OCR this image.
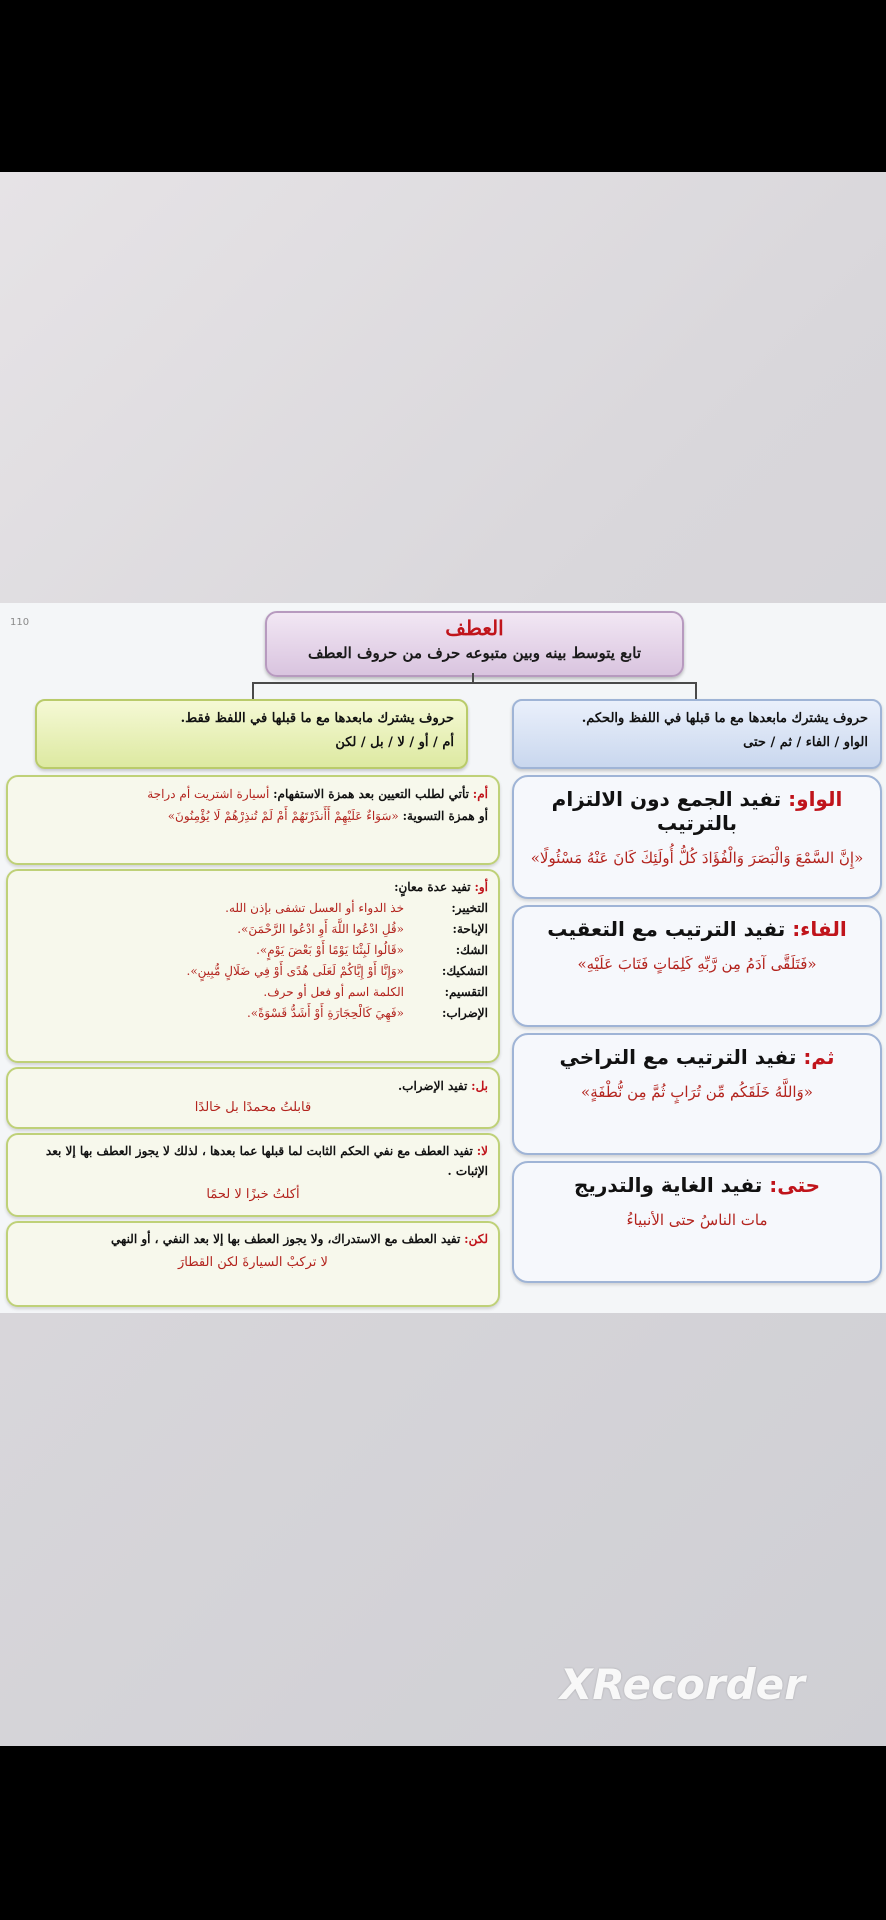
110	العطف
تابع يتوسط بينه وبين متبوعه حرف من حروف العطف
حروف يشترك مابعدها مع ما قبلها في اللفظ والحكم.
الواو / الفاء / ثم / حتى
حروف يشترك مابعدها مع ما قبلها في اللفظ فقط.
أم / أو / لا / بل / لكن
الواو: تفيد الجمع دون الالتزام بالترتيب
«إِنَّ السَّمْعَ وَالْبَصَرَ وَالْفُؤَادَ كُلُّ أُولَئِكَ كَانَ عَنْهُ مَسْئُولًا»
الفاء: تفيد الترتيب مع التعقيب
«فَتَلَقَّى آدَمُ مِن رَّبِّهِ كَلِمَاتٍ فَتَابَ عَلَيْهِ»
ثم: تفيد الترتيب مع التراخي
«وَاللَّهُ خَلَقَكُم مِّن تُرَابٍ ثُمَّ مِن نُّطْفَةٍ»
حتى: تفيد الغاية والتدريج
مات الناسُ حتى الأنبياءُ
أم: تأتي لطلب التعيين بعد همزة الاستفهام: أسيارة اشتريت أم دراجة
أو همزة التسوية: «سَوَاءٌ عَلَيْهِمْ أَأَنذَرْتَهُمْ أَمْ لَمْ تُنذِرْهُمْ لَا يُؤْمِنُونَ»
أو: تفيد عدة معانٍ:
التخيير:
خذ الدواء أو العسل تشفى بإذن الله.
الإباحة:
«قُلِ ادْعُوا اللَّهَ أَوِ ادْعُوا الرَّحْمَنَ».
الشك:
«قَالُوا لَبِثْنَا يَوْمًا أَوْ بَعْضَ يَوْمٍ».
التشكيك:
«وَإِنَّا أَوْ إِيَّاكُمْ لَعَلَى هُدًى أَوْ فِي ضَلَالٍ مُّبِينٍ».
التقسيم:
الكلمة اسم أو فعل أو حرف.
الإضراب:
«فَهِيَ كَالْحِجَارَةِ أَوْ أَشَدُّ قَسْوَةً».
بل: تفيد الإضراب.
قابلتُ محمدًا بل خالدًا
لا: تفيد العطف مع نفي الحكم الثابت لما قبلها عما بعدها ، لذلك لا يجوز العطف بها إلا بعد الإثبات .
أكلتُ خبزًا لا لحمًا
لكن: تفيد العطف مع الاستدراك، ولا يجوز العطف بها إلا بعد النفي ، أو النهي
لا تركبْ السيارةَ لكن القطارَ
XRecorder
